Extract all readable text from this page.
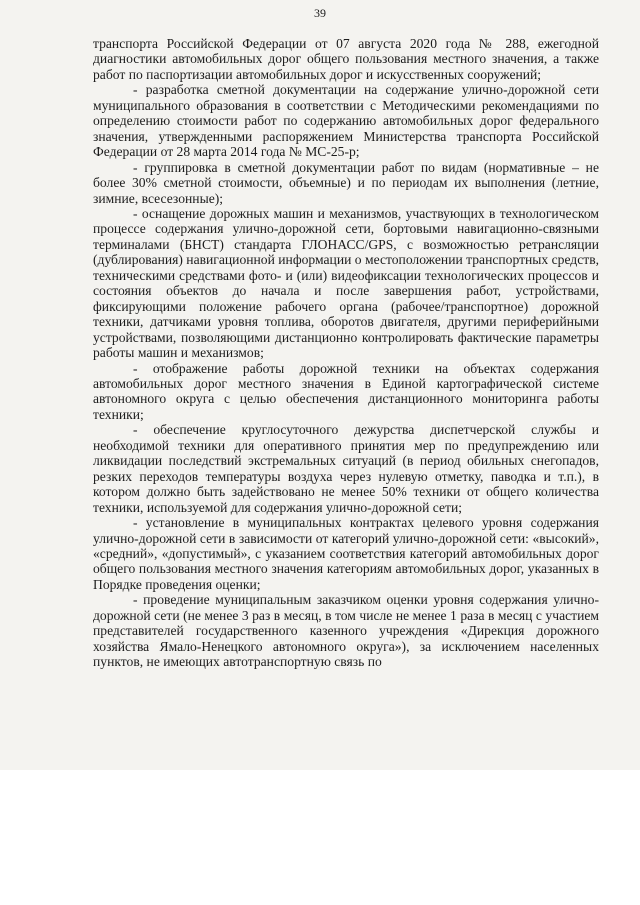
39

транспорта Российской Федерации от 07 августа 2020 года № 288, ежегодной диагностики автомобильных дорог общего пользования местного значения, а также работ по паспортизации автомобильных дорог и искусственных сооружений;

- разработка сметной документации на содержание улично-дорожной сети муниципального образования в соответствии с Методическими рекомендациями по определению стоимости работ по содержанию автомобильных дорог федерального значения, утвержденными распоряжением Министерства транспорта Российской Федерации от 28 марта 2014 года № МС-25-р;

- группировка в сметной документации работ по видам (нормативные – не более 30% сметной стоимости, объемные) и по периодам их выполнения (летние, зимние, всесезонные);

- оснащение дорожных машин и механизмов, участвующих в технологическом процессе содержания улично-дорожной сети, бортовыми навигационно-связными терминалами (БНСТ) стандарта ГЛОНАСС/GPS, с возможностью ретрансляции (дублирования) навигационной информации о местоположении транспортных средств, техническими средствами фото- и (или) видеофиксации технологических процессов и состояния объектов до начала и после завершения работ, устройствами, фиксирующими положение рабочего органа (рабочее/транспортное) дорожной техники, датчиками уровня топлива, оборотов двигателя, другими периферийными устройствами, позволяющими дистанционно контролировать фактические параметры работы машин и механизмов;

- отображение работы дорожной техники на объектах содержания автомобильных дорог местного значения в Единой картографической системе автономного округа с целью обеспечения дистанционного мониторинга работы техники;

- обеспечение круглосуточного дежурства диспетчерской службы и необходимой техники для оперативного принятия мер по предупреждению или ликвидации последствий экстремальных ситуаций (в период обильных снегопадов, резких переходов температуры воздуха через нулевую отметку, паводка и т.п.), в котором должно быть задействовано не менее 50% техники от общего количества техники, используемой для содержания улично-дорожной сети;

- установление в муниципальных контрактах целевого уровня содержания улично-дорожной сети в зависимости от категорий улично-дорожной сети: «высокий», «средний», «допустимый», с указанием соответствия категорий автомобильных дорог общего пользования местного значения категориям автомобильных дорог, указанных в Порядке проведения оценки;

- проведение муниципальным заказчиком оценки уровня содержания улично-дорожной сети (не менее 3 раз в месяц, в том числе не менее 1 раза в месяц с участием представителей государственного казенного учреждения «Дирекция дорожного хозяйства Ямало-Ненецкого автономного округа»), за исключением населенных пунктов, не имеющих автотранспортную связь по
